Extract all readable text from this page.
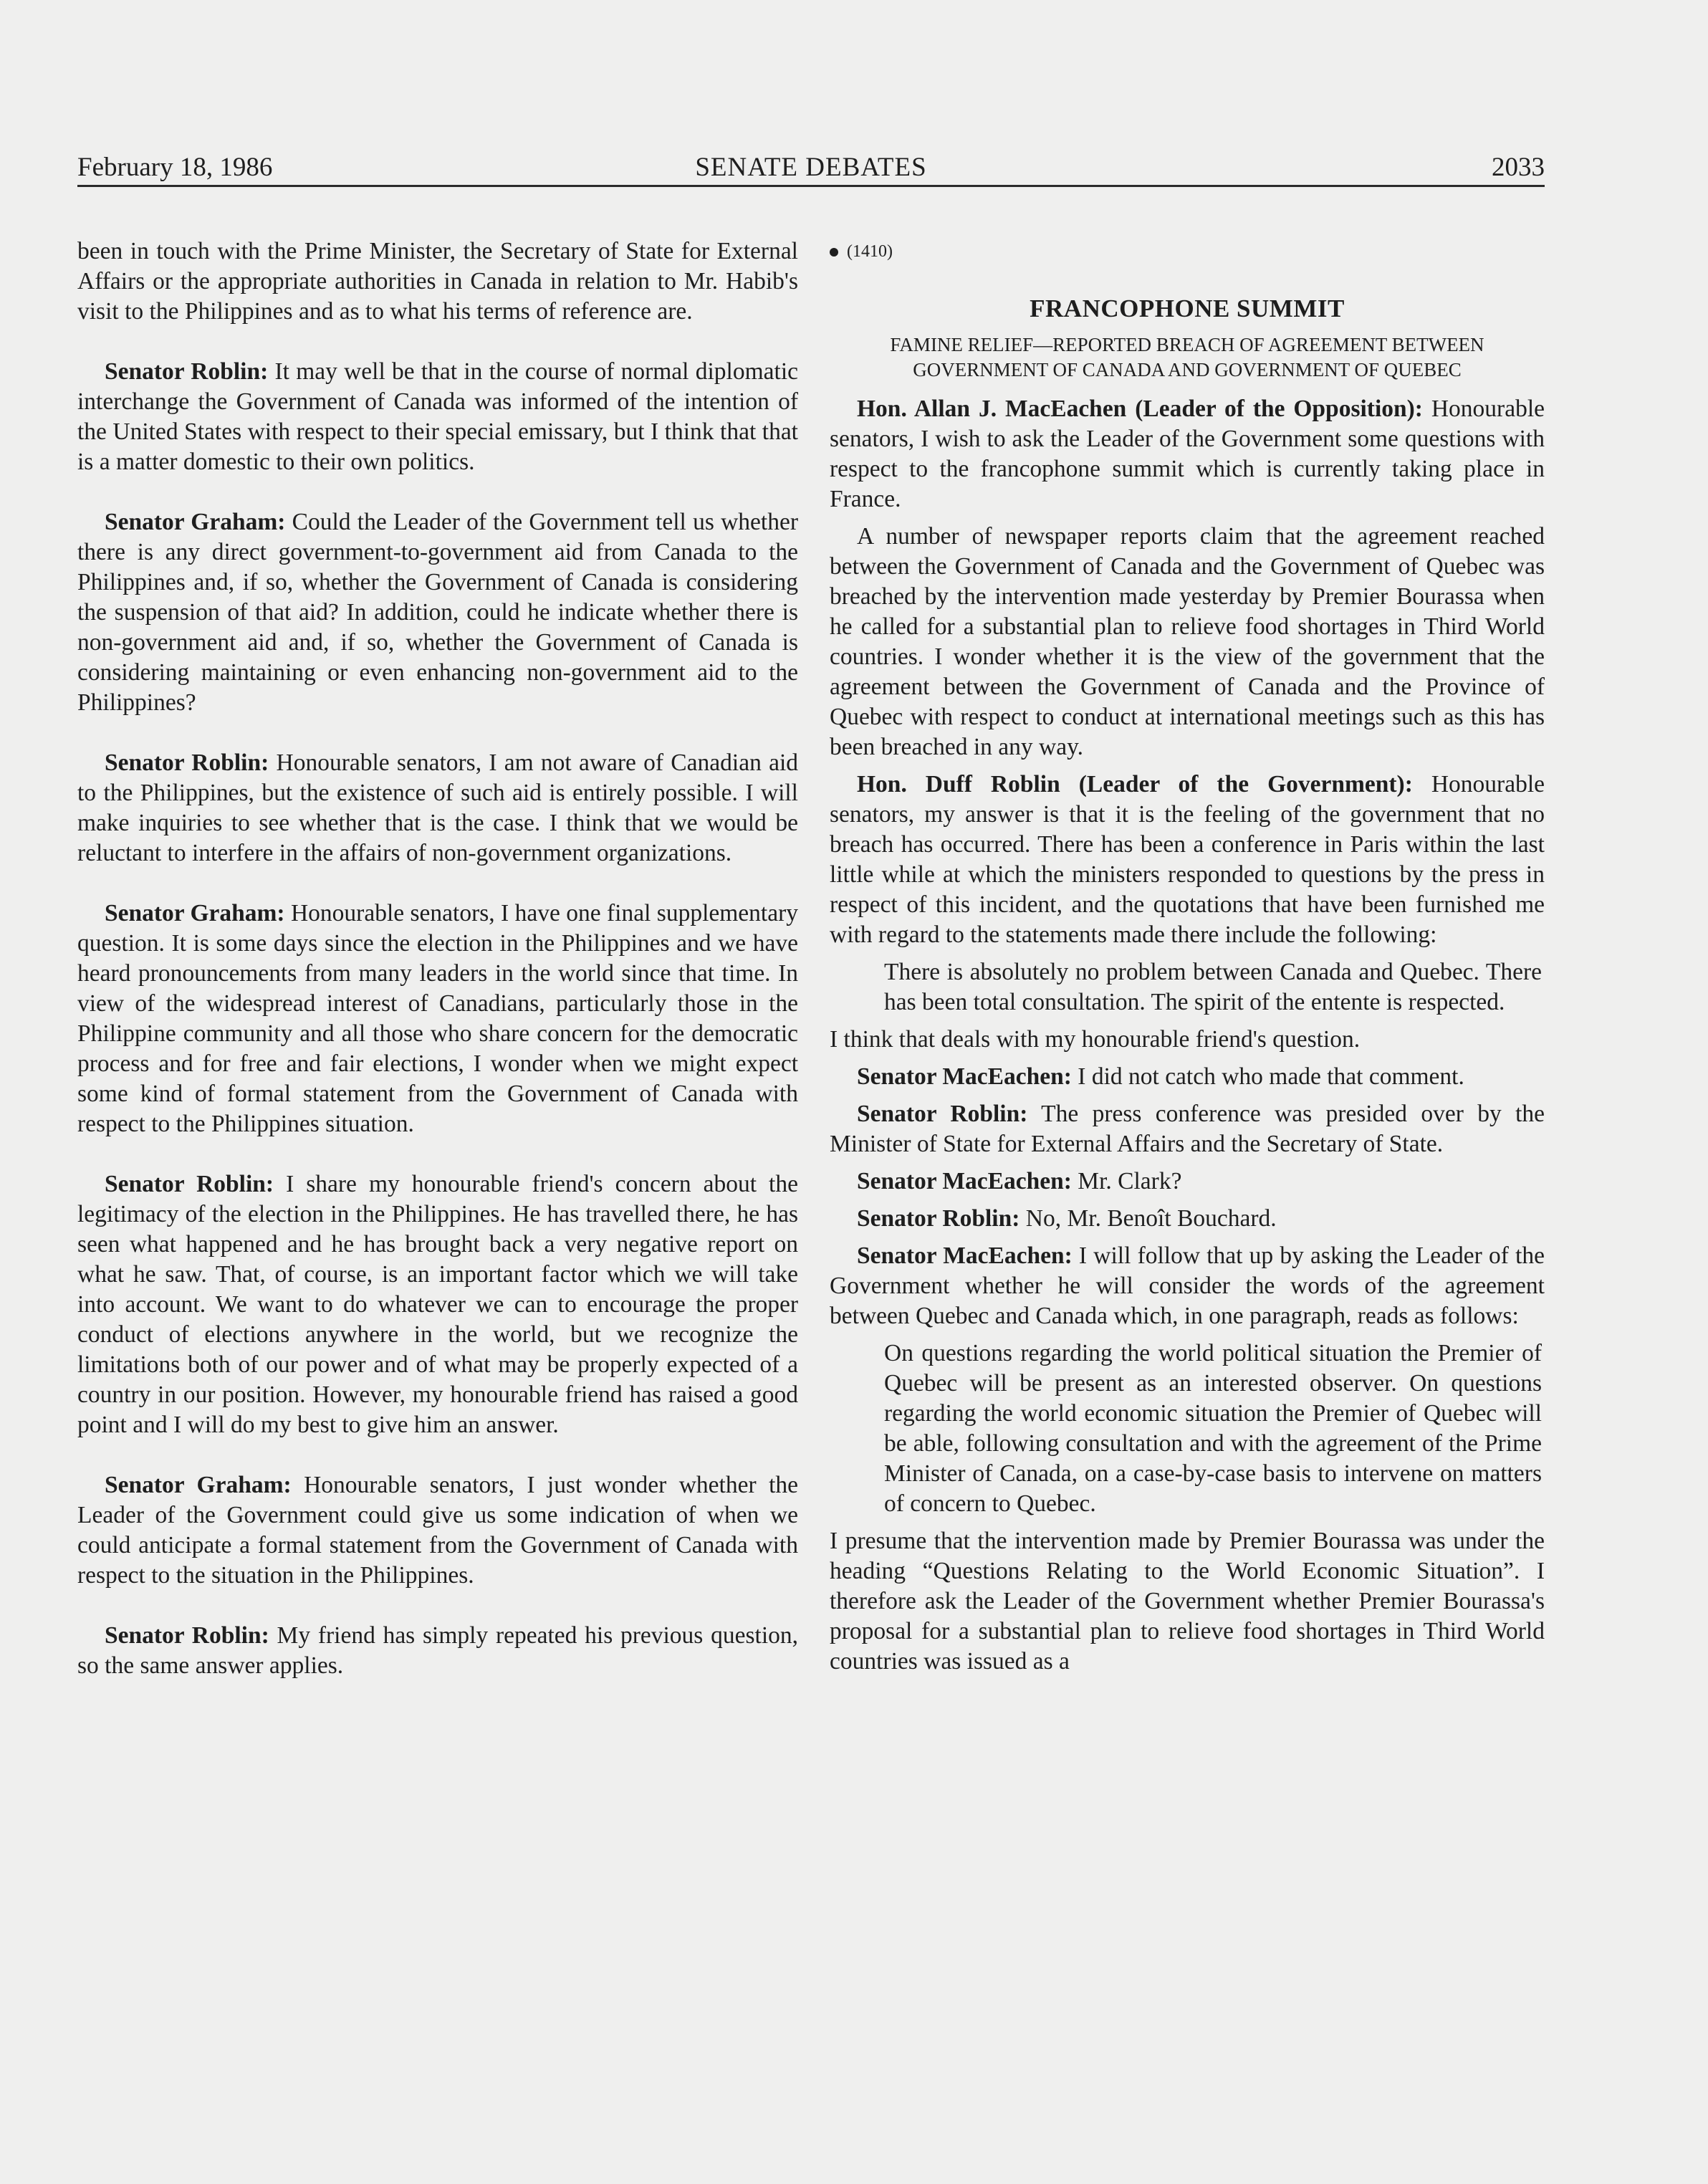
SENATE DEBATES
February 18, 1986	2033

been in touch with the Prime Minister, the Secretary of State for External Affairs or the appropriate authorities in Canada in relation to Mr. Habib's visit to the Philippines and as to what his terms of reference are.

Senator Roblin: It may well be that in the course of normal diplomatic interchange the Government of Canada was informed of the intention of the United States with respect to their special emissary, but I think that that is a matter domestic to their own politics.

Senator Graham: Could the Leader of the Government tell us whether there is any direct government-to-government aid from Canada to the Philippines and, if so, whether the Government of Canada is considering the suspension of that aid? In addition, could he indicate whether there is non-government aid and, if so, whether the Government of Canada is considering maintaining or even enhancing non-government aid to the Philippines?

Senator Roblin: Honourable senators, I am not aware of Canadian aid to the Philippines, but the existence of such aid is entirely possible. I will make inquiries to see whether that is the case. I think that we would be reluctant to interfere in the affairs of non-government organizations.

Senator Graham: Honourable senators, I have one final supplementary question. It is some days since the election in the Philippines and we have heard pronouncements from many leaders in the world since that time. In view of the widespread interest of Canadians, particularly those in the Philippine community and all those who share concern for the democratic process and for free and fair elections, I wonder when we might expect some kind of formal statement from the Government of Canada with respect to the Philippines situation.

Senator Roblin: I share my honourable friend's concern about the legitimacy of the election in the Philippines. He has travelled there, he has seen what happened and he has brought back a very negative report on what he saw. That, of course, is an important factor which we will take into account. We want to do whatever we can to encourage the proper conduct of elections anywhere in the world, but we recognize the limitations both of our power and of what may be properly expected of a country in our position. However, my honourable friend has raised a good point and I will do my best to give him an answer.

Senator Graham: Honourable senators, I just wonder whether the Leader of the Government could give us some indication of when we could anticipate a formal statement from the Government of Canada with respect to the situation in the Philippines.

Senator Roblin: My friend has simply repeated his previous question, so the same answer applies.

(1410)

FRANCOPHONE SUMMIT

FAMINE RELIEF—REPORTED BREACH OF AGREEMENT BETWEEN GOVERNMENT OF CANADA AND GOVERNMENT OF QUEBEC

Hon. Allan J. MacEachen (Leader of the Opposition): Honourable senators, I wish to ask the Leader of the Government some questions with respect to the francophone summit which is currently taking place in France.

A number of newspaper reports claim that the agreement reached between the Government of Canada and the Government of Quebec was breached by the intervention made yesterday by Premier Bourassa when he called for a substantial plan to relieve food shortages in Third World countries. I wonder whether it is the view of the government that the agreement between the Government of Canada and the Province of Quebec with respect to conduct at international meetings such as this has been breached in any way.

Hon. Duff Roblin (Leader of the Government): Honourable senators, my answer is that it is the feeling of the government that no breach has occurred. There has been a conference in Paris within the last little while at which the ministers responded to questions by the press in respect of this incident, and the quotations that have been furnished me with regard to the statements made there include the following:

There is absolutely no problem between Canada and Quebec. There has been total consultation. The spirit of the entente is respected.

I think that deals with my honourable friend's question.

Senator MacEachen: I did not catch who made that comment.

Senator Roblin: The press conference was presided over by the Minister of State for External Affairs and the Secretary of State.

Senator MacEachen: Mr. Clark?

Senator Roblin: No, Mr. Benoît Bouchard.

Senator MacEachen: I will follow that up by asking the Leader of the Government whether he will consider the words of the agreement between Quebec and Canada which, in one paragraph, reads as follows:

On questions regarding the world political situation the Premier of Quebec will be present as an interested observer. On questions regarding the world economic situation the Premier of Quebec will be able, following consultation and with the agreement of the Prime Minister of Canada, on a case-by-case basis to intervene on matters of concern to Quebec.

I presume that the intervention made by Premier Bourassa was under the heading “Questions Relating to the World Economic Situation”. I therefore ask the Leader of the Government whether Premier Bourassa's proposal for a substantial plan to relieve food shortages in Third World countries was issued as a
